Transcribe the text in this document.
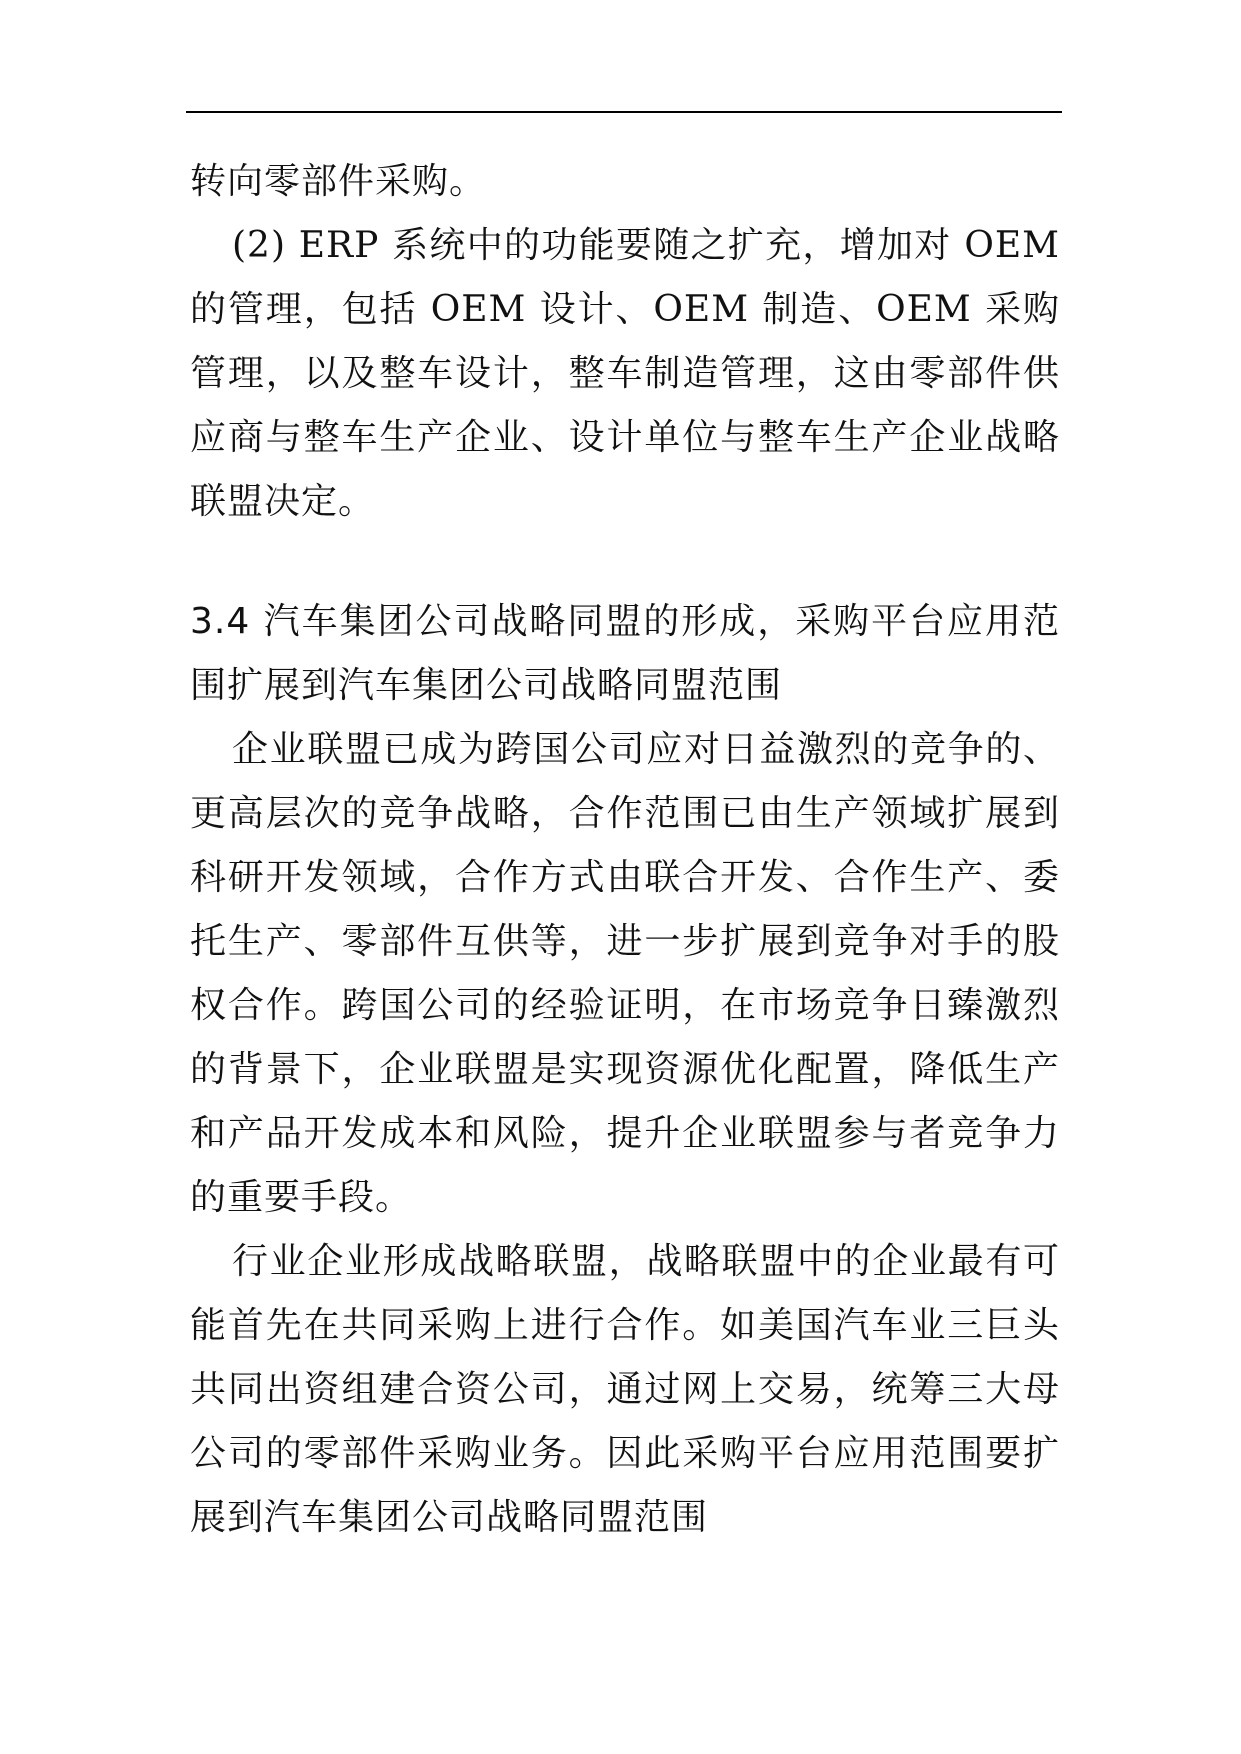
转向零部件采购。

(2) ERP 系统中的功能要随之扩充，增加对 OEM 的管理，包括 OEM 设计、OEM 制造、OEM 采购管理，以及整车设计，整车制造管理，这由零部件供应商与整车生产企业、设计单位与整车生产企业战略联盟决定。

3.4 汽车集团公司战略同盟的形成，采购平台应用范围扩展到汽车集团公司战略同盟范围

企业联盟已成为跨国公司应对日益激烈的竞争的、更高层次的竞争战略，合作范围已由生产领域扩展到科研开发领域，合作方式由联合开发、合作生产、委托生产、零部件互供等，进一步扩展到竞争对手的股权合作。跨国公司的经验证明，在市场竞争日臻激烈的背景下，企业联盟是实现资源优化配置，降低生产和产品开发成本和风险，提升企业联盟参与者竞争力的重要手段。

行业企业形成战略联盟，战略联盟中的企业最有可能首先在共同采购上进行合作。如美国汽车业三巨头共同出资组建合资公司，通过网上交易，统筹三大母公司的零部件采购业务。因此采购平台应用范围要扩展到汽车集团公司战略同盟范围
